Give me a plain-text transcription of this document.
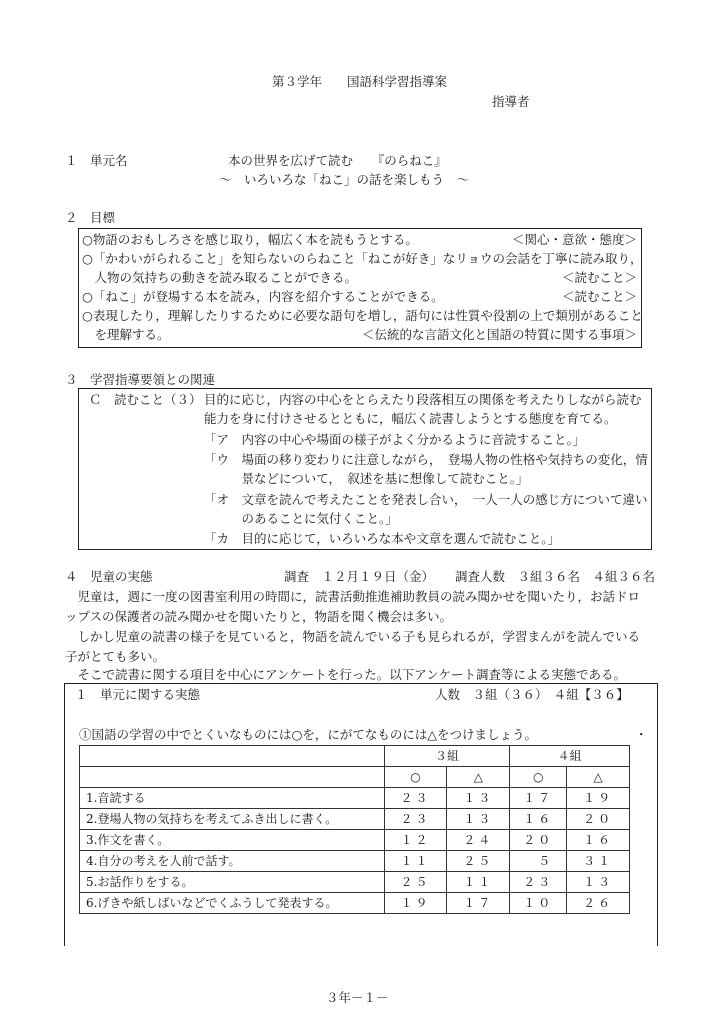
第３学年　　国語科学習指導案
指導者
１　単元名	本の世界を広げて読む　　『のらねこ』
～　いろいろな「ねこ」の話を楽しもう　～
２　目標
○物語のおもしろさを感じ取り，幅広く本を読もうとする。	＜関心・意欲・態度＞
○「かわいがられること」を知らないのらねこと「ねこが好き」なリョウの会話を丁寧に読み取り，
　人物の気持ちの動きを読み取ることができる。	＜読むこと＞
○「ねこ」が登場する本を読み，内容を紹介することができる。	＜読むこと＞
○表現したり，理解したりするために必要な語句を増し，語句には性質や役割の上で類別があること
　を理解する。	＜伝統的な言語文化と国語の特質に関する事項＞
３　学習指導要領との関連
Ｃ　読むこと（３） 目的に応じ，内容の中心をとらえたり段落相互の関係を考えたりしながら読む
能力を身に付けさせるとともに，幅広く読書しようとする態度を育てる。
「ア　内容の中心や場面の様子がよく分かるように音読すること。」
「ウ　場面の移り変わりに注意しながら，　登場人物の性格や気持ちの変化，情
　　　景などについて，　叙述を基に想像して読むこと。」
「オ　文章を読んで考えたことを発表し合い，　一人一人の感じ方について違い
　　　のあることに気付くこと。」
「カ　目的に応じて，いろいろな本や文章を選んで読むこと。」
４　児童の実態	調査　１２月１９日（金） 調査人数　３組３６名　４組３６名
　児童は，週に一度の図書室利用の時間に，読書活動推進補助教員の読み聞かせを聞いたり，お話ドロ
ップスの保護者の読み聞かせを聞いたりと，物語を聞く機会は多い。
　しかし児童の読書の様子を見ていると，物語を読んでいる子も見られるが，学習まんがを読んでいる
子がとても多い。
　そこで読書に関する項目を中心にアンケートを行った。以下アンケート調査等による実態である。
１　単元に関する実態	人数　３組（３６）　４組【３６】
①国語の学習の中でとくいなものには○を，にがてなものには△をつけましょう。	・
	３組		４組	
	○	△	○	△
1.音読する	２３	１３	１７	１９
2.登場人物の気持ちを考えてふき出しに書く。	２３	１３	１６	２０
3.作文を書く。	１２	２４	２０	１６
4.自分の考えを人前で話す。	１１	２５	　５	３１
5.お話作りをする。	２５	１１	２３	１３
6.げきや紙しばいなどでくふうして発表する。	１９	１７	１０	２６
３年－１－
